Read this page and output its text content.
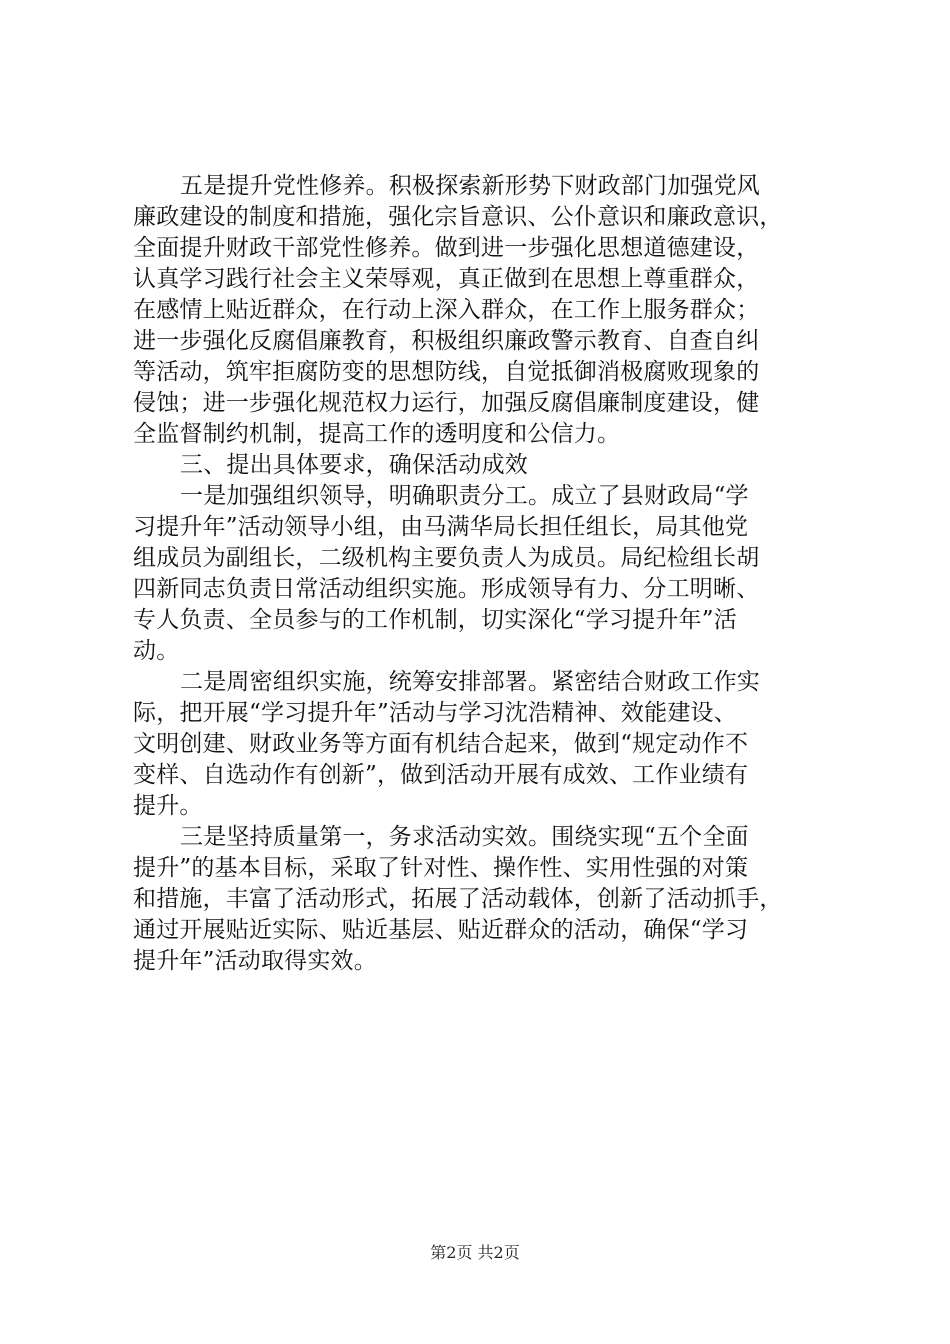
五是提升党性修养。积极探索新形势下财政部门加强党风
廉政建设的制度和措施，强化宗旨意识、公仆意识和廉政意识，
全面提升财政干部党性修养。做到进一步强化思想道德建设，
认真学习践行社会主义荣辱观，真正做到在思想上尊重群众，
在感情上贴近群众，在行动上深入群众，在工作上服务群众；
进一步强化反腐倡廉教育，积极组织廉政警示教育、自查自纠
等活动，筑牢拒腐防变的思想防线，自觉抵御消极腐败现象的
侵蚀；进一步强化规范权力运行，加强反腐倡廉制度建设，健
全监督制约机制，提高工作的透明度和公信力。
三、提出具体要求，确保活动成效
一是加强组织领导，明确职责分工。成立了县财政局“学
习提升年”活动领导小组，由马满华局长担任组长，局其他党
组成员为副组长，二级机构主要负责人为成员。局纪检组长胡
四新同志负责日常活动组织实施。形成领导有力、分工明晰、
专人负责、全员参与的工作机制，切实深化“学习提升年”活
动。
二是周密组织实施，统筹安排部署。紧密结合财政工作实
际，把开展“学习提升年”活动与学习沈浩精神、效能建设、
文明创建、财政业务等方面有机结合起来，做到“规定动作不
变样、自选动作有创新”，做到活动开展有成效、工作业绩有
提升。
三是坚持质量第一，务求活动实效。围绕实现“五个全面
提升”的基本目标，采取了针对性、操作性、实用性强的对策
和措施，丰富了活动形式，拓展了活动载体，创新了活动抓手，
通过开展贴近实际、贴近基层、贴近群众的活动，确保“学习
提升年”活动取得实效。
第2页 共2页
